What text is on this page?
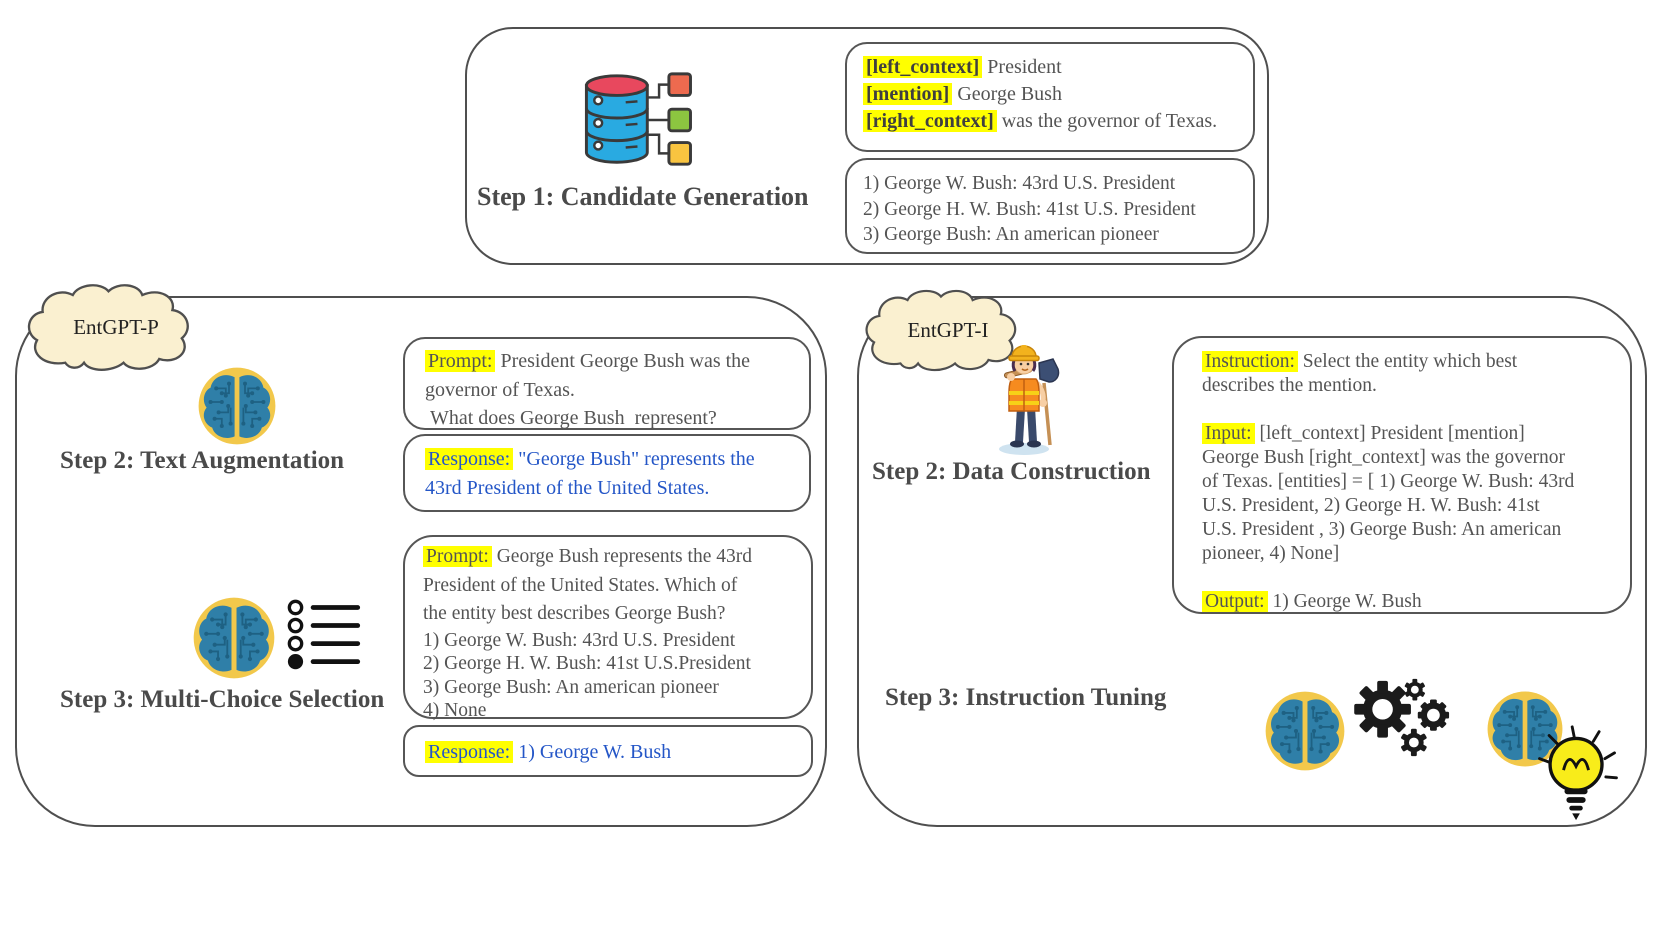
Step 1: Candidate Generation
[left_context] President
[mention] George Bush
[right_context] was the governor of Texas.
1) George W. Bush: 43rd U.S. President
2) George H. W. Bush: 41st U.S. President
3) George Bush: An american pioneer
EntGPT-P
Step 2: Text Augmentation
Prompt: President George Bush was the
governor of Texas.
What does George Bush  represent?
Response: "George Bush" represents the
43rd President of the United States.
Prompt: George Bush represents the 43rd
President of the United States. Which of
the entity best describes George Bush?
1) George W. Bush: 43rd U.S. President
2) George H. W. Bush: 41st U.S.President
3) George Bush: An american pioneer
4) None
Response: 1) George W. Bush
Step 3: Multi-Choice Selection
EntGPT-I
Step 2: Data Construction
Instruction: Select the entity which best
describes the mention.
Input: [left_context] President [mention]
George Bush [right_context] was the governor
of Texas. [entities] = [ 1) George W. Bush: 43rd
U.S. President, 2) George H. W. Bush: 41st
U.S. President , 3) George Bush: An american
pioneer, 4) None]
Output: 1) George W. Bush
Step 3: Instruction Tuning
